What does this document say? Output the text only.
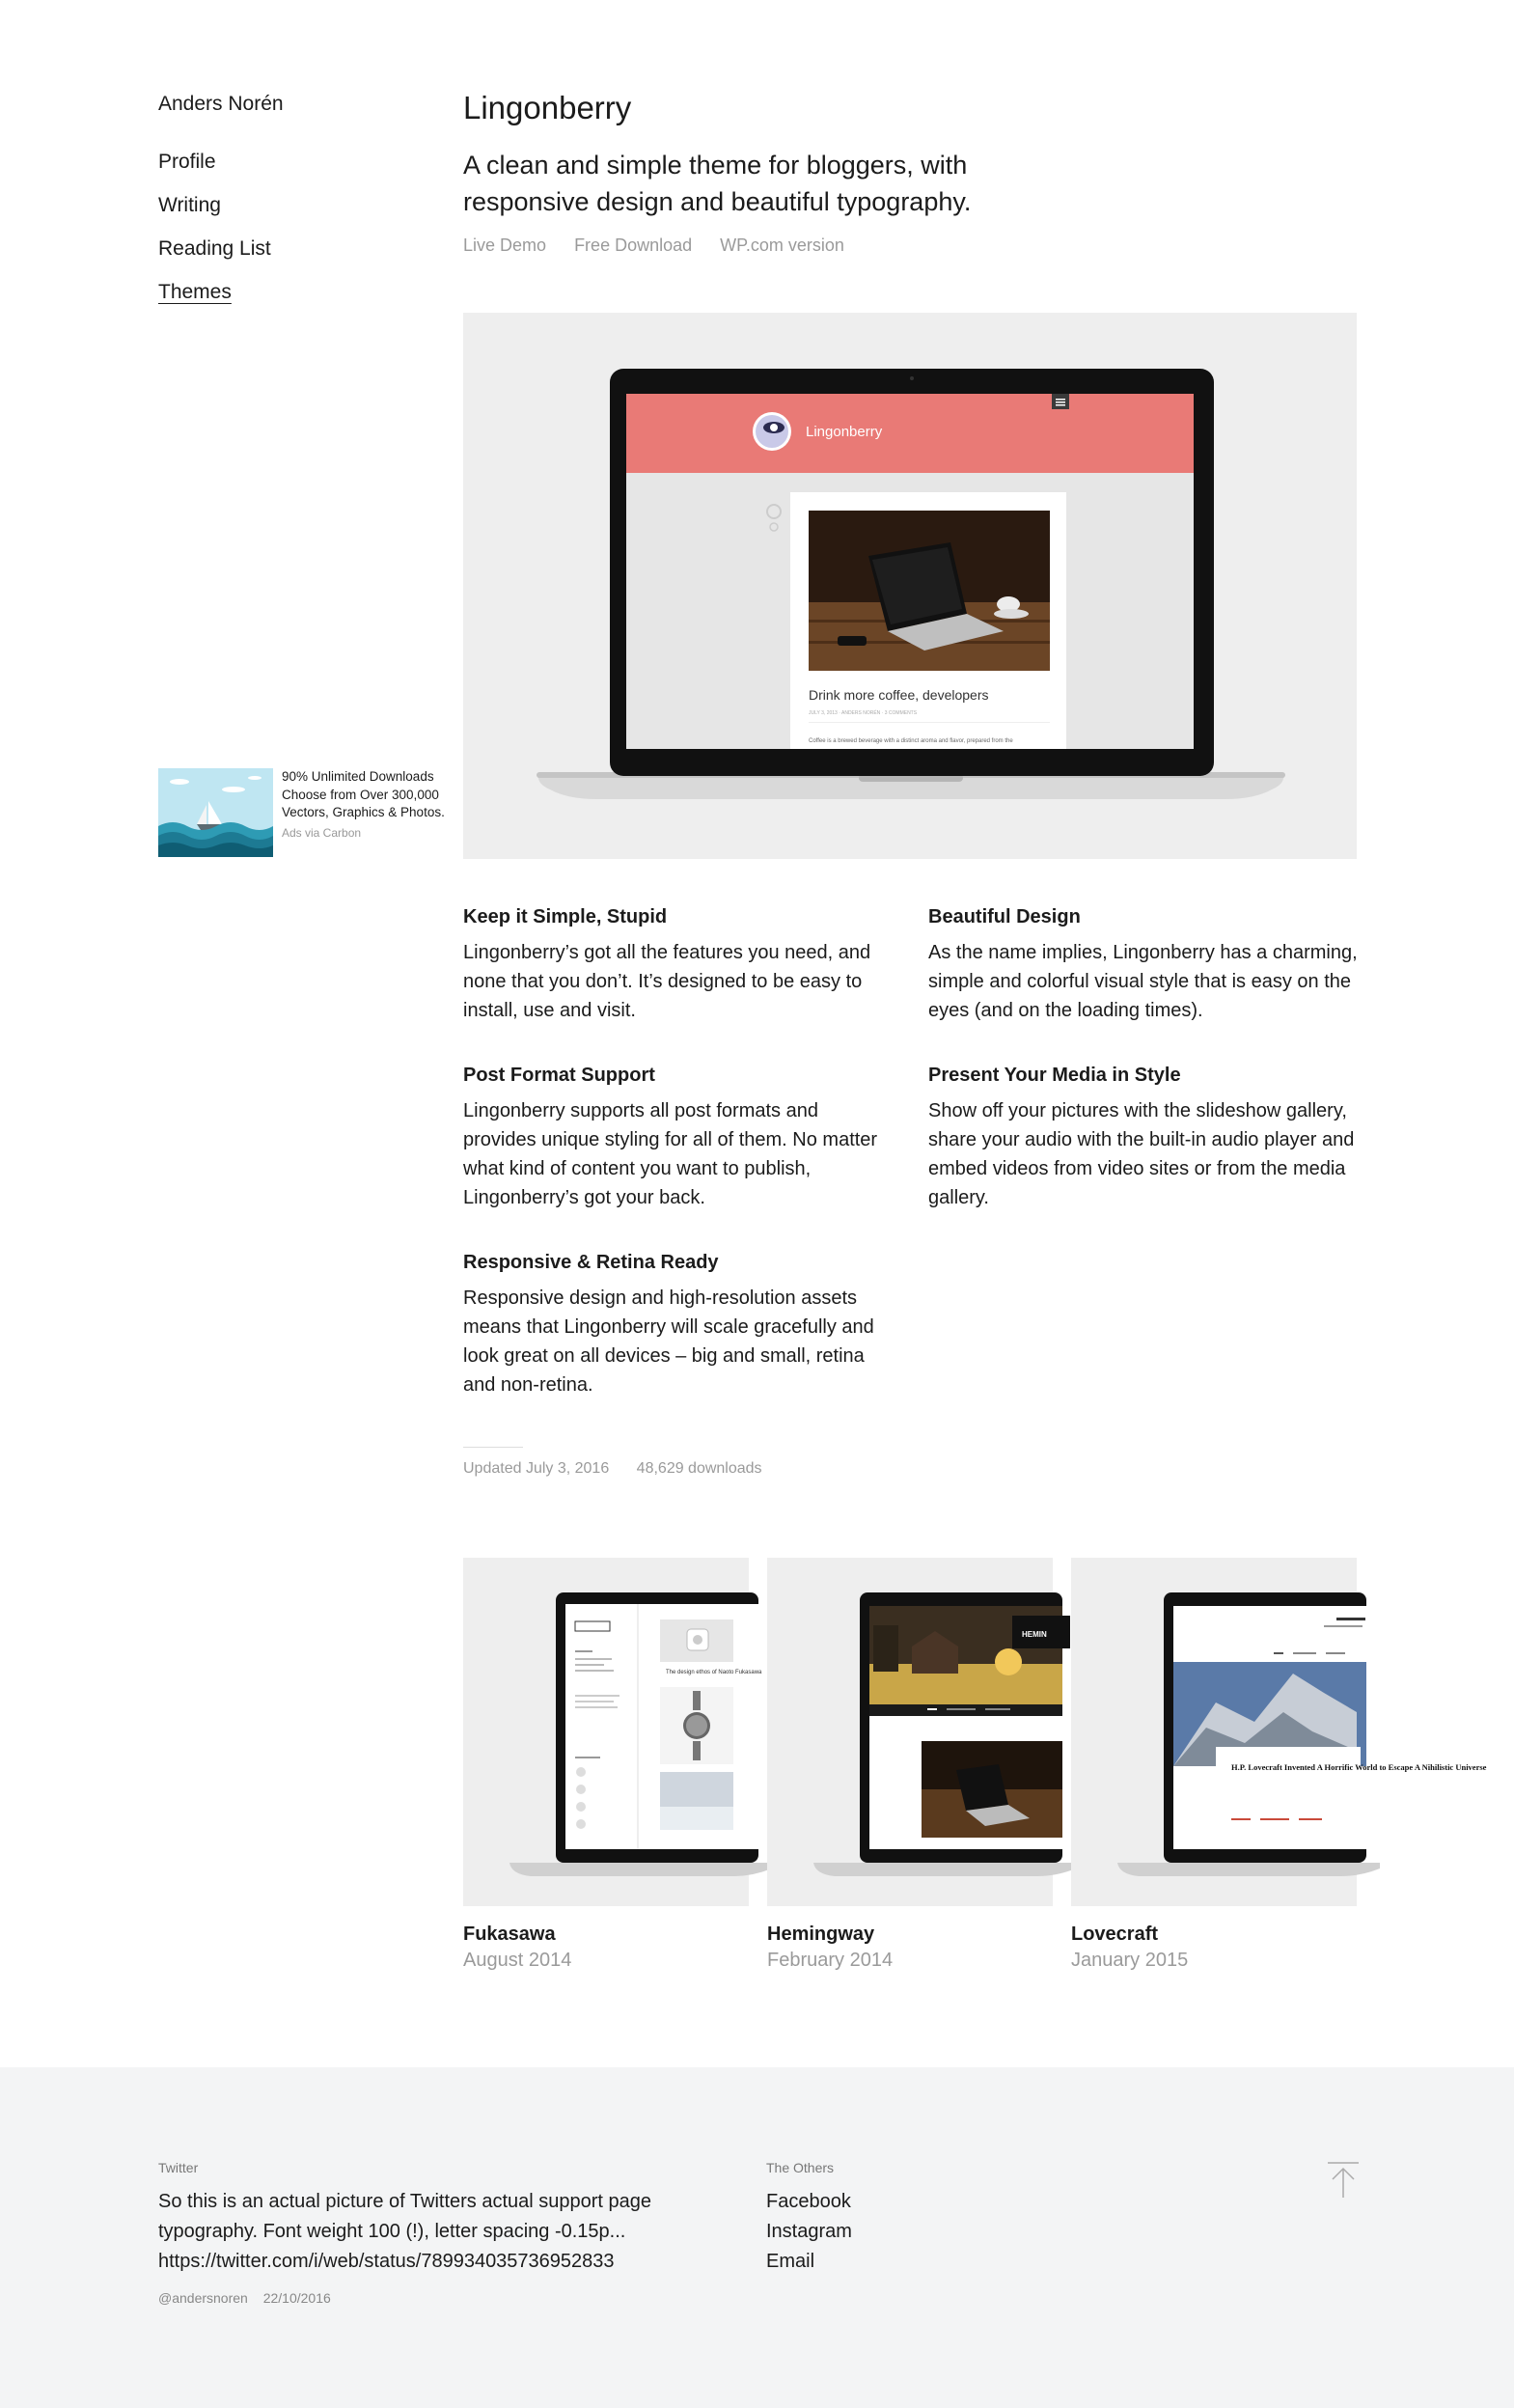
Anders Norén
Profile
Writing
Reading List
Themes
90% Unlimited Downloads Choose from Over 300,000 Vectors, Graphics & Photos.
Ads via Carbon
Lingonberry

A clean and simple theme for bloggers, with responsive design and beautiful typography.

Live Demo Free Download WP.com version
Lingonberry
Drink more coffee, developers
JULY 3, 2013 · ANDERS NORÉN · 3 COMMENTS
Coffee is a brewed beverage with a distinct aroma and flavor, prepared from the
Keep it Simple, Stupid

Lingonberry’s got all the features you need, and none that you don’t. It’s designed to be easy to install, use and visit.

Beautiful Design

As the name implies, Lingonberry has a charming, simple and colorful visual style that is easy on the eyes (and on the loading times).

Post Format Support

Lingonberry supports all post formats and provides unique styling for all of them. No matter what kind of content you want to publish, Lingonberry’s got your back.

Present Your Media in Style

Show off your pictures with the slideshow gallery, share your audio with the built-in audio player and embed videos from video sites or from the media gallery.

Responsive & Retina Ready

Responsive design and high-resolution assets means that Lingonberry will scale gracefully and look great on all devices – big and small, retina and non-retina.

Updated July 3, 2016 48,629 downloads
The design ethos of Naoto Fukasawa
Fukasawa
August 2014
HEMIN
Hemingway
February 2014
H.P. Lovecraft Invented A Horrific World to Escape A Nihilistic Universe
Lovecraft
January 2015
Twitter

So this is an actual picture of Twitters actual support page typography. Font weight 100 (!), letter spacing -0.15p... https://twitter.com/i/web/status/789934035736952833

@andersnoren 22/10/2016
The Others
Facebook
Instagram
Email
